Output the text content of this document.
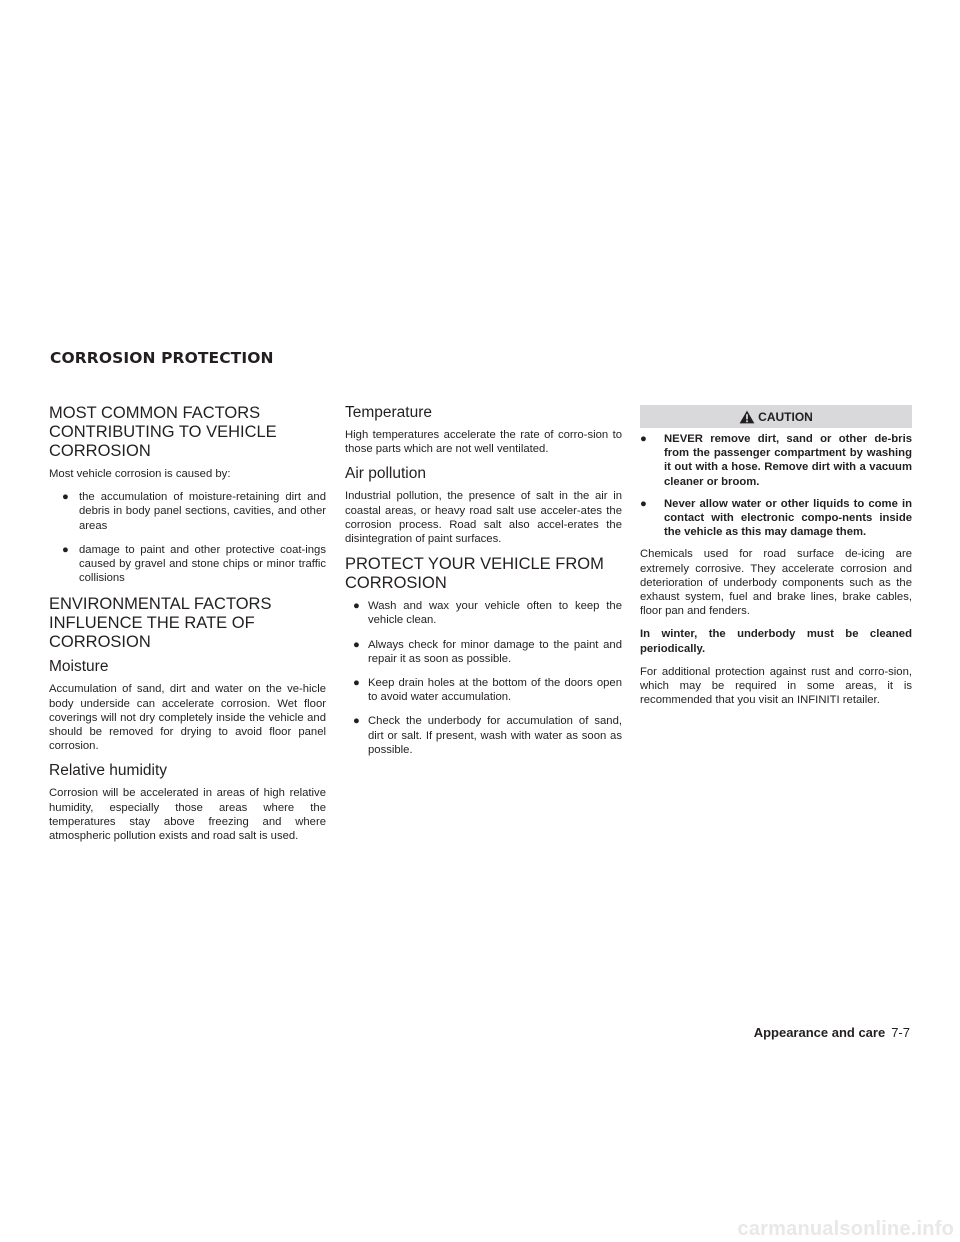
CORROSION PROTECTION
MOST COMMON FACTORS CONTRIBUTING TO VEHICLE CORROSION

Most vehicle corrosion is caused by:

● the accumulation of moisture-retaining dirt and debris in body panel sections, cavities, and other areas
● damage to paint and other protective coat-ings caused by gravel and stone chips or minor traffic collisions
ENVIRONMENTAL FACTORS INFLUENCE THE RATE OF CORROSION
Moisture

Accumulation of sand, dirt and water on the ve-hicle body underside can accelerate corrosion. Wet floor coverings will not dry completely inside the vehicle and should be removed for drying to avoid floor panel corrosion.

Relative humidity

Corrosion will be accelerated in areas of high relative humidity, especially those areas where the temperatures stay above freezing and where atmospheric pollution exists and road salt is used.

Temperature

High temperatures accelerate the rate of corro-sion to those parts which are not well ventilated.

Air pollution

Industrial pollution, the presence of salt in the air in coastal areas, or heavy road salt use acceler-ates the corrosion process. Road salt also accel-erates the disintegration of paint surfaces.

PROTECT YOUR VEHICLE FROM CORROSION
● Wash and wax your vehicle often to keep the vehicle clean.
● Always check for minor damage to the paint and repair it as soon as possible.
● Keep drain holes at the bottom of the doors open to avoid water accumulation.
● Check the underbody for accumulation of sand, dirt or salt. If present, wash with water as soon as possible.
CAUTION
● NEVER remove dirt, sand or other de-bris from the passenger compartment by washing it out with a hose. Remove dirt with a vacuum cleaner or broom.
● Never allow water or other liquids to come in contact with electronic compo-nents inside the vehicle as this may damage them.

Chemicals used for road surface de-icing are extremely corrosive. They accelerate corrosion and deterioration of underbody components such as the exhaust system, fuel and brake lines, brake cables, floor pan and fenders.

In winter, the underbody must be cleaned periodically.

For additional protection against rust and corro-sion, which may be required in some areas, it is recommended that you visit an INFINITI retailer.

Appearance and care 7-7
carmanualsonline.info
